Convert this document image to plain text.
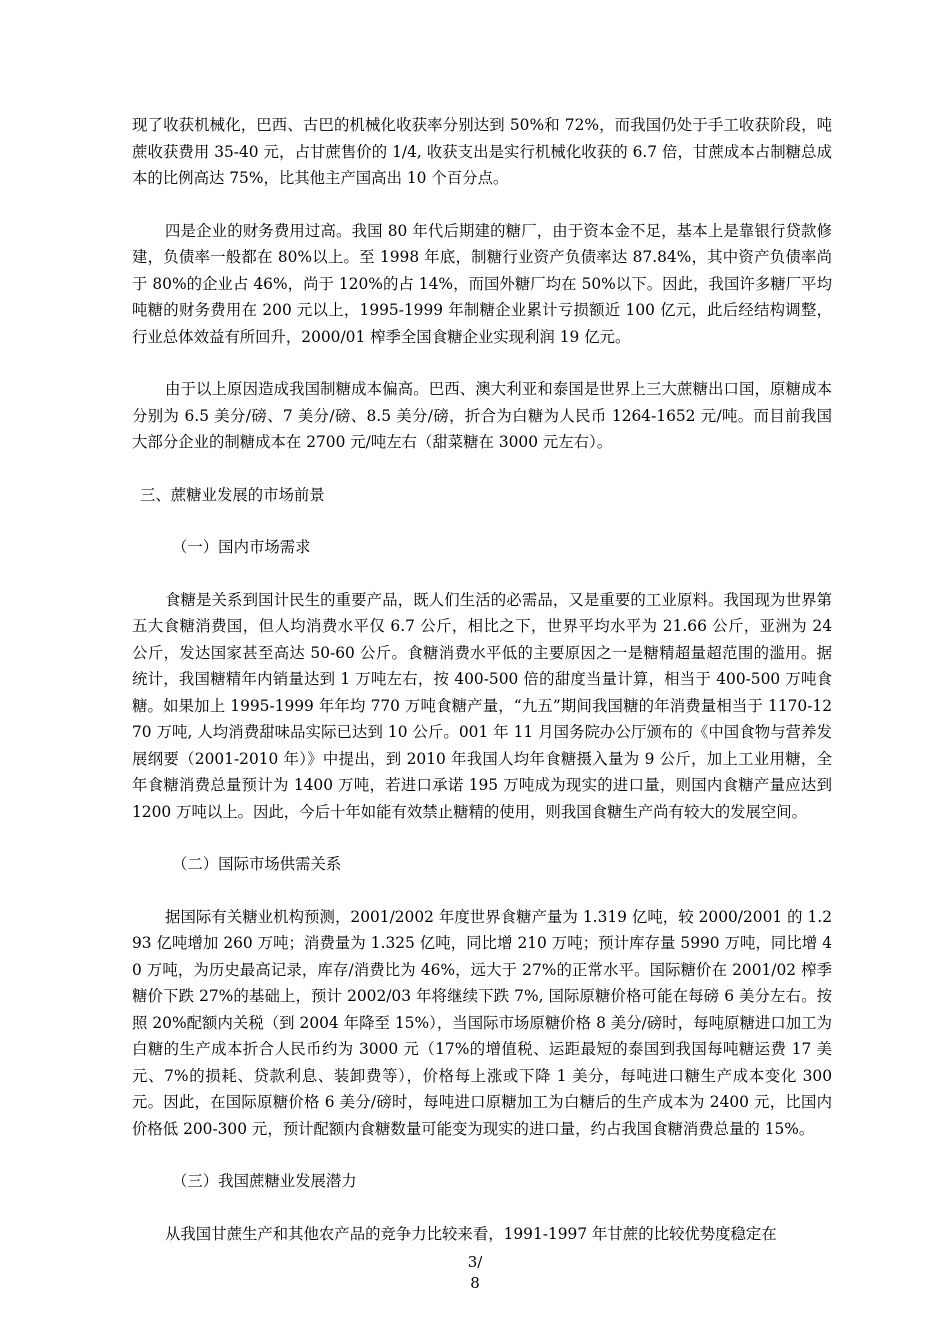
现了收获机械化，巴西、古巴的机械化收获率分别达到 50%和 72%，而我国仍处于手工收获阶段，吨蔗收获费用 35-40 元，占甘蔗售价的 1/4, 收获支出是实行机械化收获的 6.7 倍，甘蔗成本占制糖总成本的比例高达 75%，比其他主产国高出 10 个百分点。

四是企业的财务费用过高。我国 80 年代后期建的糖厂，由于资本金不足，基本上是靠银行贷款修建，负债率一般都在 80%以上。至 1998 年底，制糖行业资产负债率达 87.84%，其中资产负债率尚于 80%的企业占 46%，尚于 120%的占 14%，而国外糖厂均在 50%以下。因此，我国许多糖厂平均吨糖的财务费用在 200 元以上，1995-1999 年制糖企业累计亏损额近 100 亿元，此后经结构调整，行业总体效益有所回升，2000/01 榨季全国食糖企业实现利润 19 亿元。

由于以上原因造成我国制糖成本偏高。巴西、澳大利亚和泰国是世界上三大蔗糖出口国，原糖成本分别为 6.5 美分/磅、7 美分/磅、8.5 美分/磅，折合为白糖为人民币 1264-1652 元/吨。而目前我国大部分企业的制糖成本在 2700 元/吨左右（甜菜糖在 3000 元左右）。

三、蔗糖业发展的市场前景
（一）国内市场需求

食糖是关系到国计民生的重要产品，既人们生活的必需品，又是重要的工业原料。我国现为世界第五大食糖消费国，但人均消费水平仅 6.7 公斤，相比之下，世界平均水平为 21.66 公斤，亚洲为 24 公斤，发达国家甚至高达 50-60 公斤。食糖消费水平低的主要原因之一是糖精超量超范围的滥用。据统计，我国糖精年内销量达到 1 万吨左右，按 400-500 倍的甜度当量计算，相当于 400-500 万吨食糖。如果加上 1995-1999 年年均 770 万吨食糖产量，“九五”期间我国糖的年消费量相当于 1170-1270 万吨, 人均消费甜味品实际已达到 10 公斤。001 年 11 月国务院办公厅颁布的《中国食物与营养发展纲要（2001-2010 年）》中提出，到 2010 年我国人均年食糖摄入量为 9 公斤，加上工业用糖，全年食糖消费总量预计为 1400 万吨，若进口承诺 195 万吨成为现实的进口量，则国内食糖产量应达到 1200 万吨以上。因此，今后十年如能有效禁止糖精的使用，则我国食糖生产尚有较大的发展空间。

（二）国际市场供需关系

据国际有关糖业机构预测，2001/2002 年度世界食糖产量为 1.319 亿吨，较 2000/2001 的 1.293 亿吨增加 260 万吨；消费量为 1.325 亿吨，同比增 210 万吨；预计库存量 5990 万吨，同比增 40 万吨，为历史最高记录，库存/消费比为 46%，远大于 27%的正常水平。国际糖价在 2001/02 榨季糖价下跌 27%的基础上，预计 2002/03 年将继续下跌 7%, 国际原糖价格可能在每磅 6 美分左右。按照 20%配额内关税（到 2004 年降至 15%），当国际市场原糖价格 8 美分/磅时，每吨原糖进口加工为白糖的生产成本折合人民币约为 3000 元（17%的增值税、运距最短的泰国到我国每吨糖运费 17 美元、7%的损耗、贷款利息、装卸费等），价格每上涨或下降 1 美分，每吨进口糖生产成本变化 300 元。因此，在国际原糖价格 6 美分/磅时，每吨进口原糖加工为白糖后的生产成本为 2400 元，比国内价格低 200-300 元，预计配额内食糖数量可能变为现实的进口量，约占我国食糖消费总量的 15%。

（三）我国蔗糖业发展潜力

从我国甘蔗生产和其他农产品的竞争力比较来看，1991-1997 年甘蔗的比较优势度稳定在

3/
8
